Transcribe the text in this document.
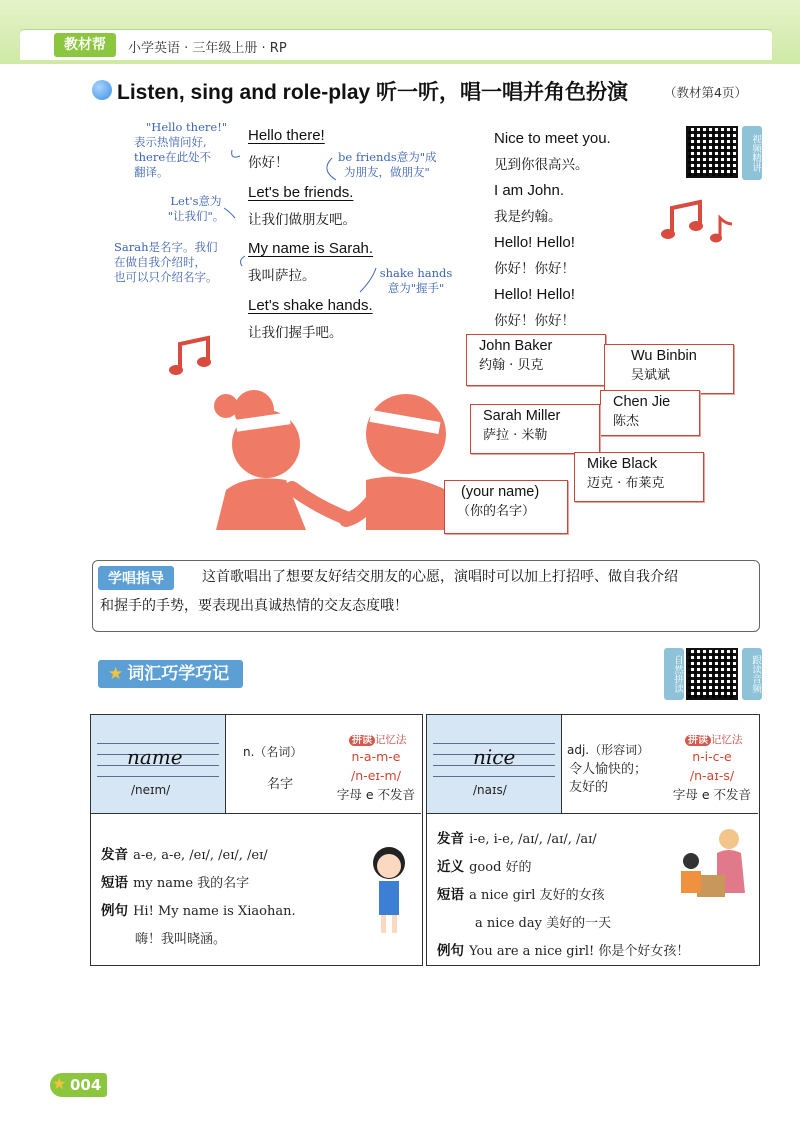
教材帮	小学英语 · 三年级上册 · RP
Listen, sing and role-play 听一听，唱一唱并角色扮演	（教材第4页）
"Hello there!"
表示热情问好,
there在此处不
翻译。
Let's意为
"让我们"。
be friends意为"成
为朋友，做朋友"
Sarah是名字。我们
在做自我介绍时，
也可以只介绍名字。	shake hands
意为"握手"
Hello there!
你好！
Let's be friends.
让我们做朋友吧。
My name is Sarah.
我叫萨拉。
Let's shake hands.
让我们握手吧。
Nice to meet you.
见到你很高兴。
I am John.
我是约翰。
Hello! Hello!
你好！你好！
Hello! Hello!
你好！你好！
视频精讲
自然拼读	跟读音频
John Baker
约翰 · 贝克
Wu Binbin
吴斌斌
Chen Jie
陈杰
Sarah Miller
萨拉 · 米勒
Mike Black
迈克 · 布莱克
(your name)
（你的名字）
学唱指导	这首歌唱出了想要友好结交朋友的心愿，演唱时可以加上打招呼、做自我介绍
和握手的手势，要表现出真诚热情的交友态度哦！
★ 词汇巧学巧记
name
/neɪm/
n.（名词）
名字
拼读 记忆法
n-a-m-e
/n-eɪ-m/
字母 e 不发音
发音 a-e, a-e, /eɪ/, /eɪ/, /eɪ/
短语 my name 我的名字
例句 Hi! My name is Xiaohan.
嗨！我叫晓涵。
nice
/naɪs/
adj.（形容词）
令人愉快的；
友好的
拼读 记忆法
n-i-c-e
/n-aɪ-s/
字母 e 不发音
发音 i-e, i-e, /aɪ/, /aɪ/, /aɪ/
近义 good 好的
短语 a nice girl 友好的女孩
a nice day 美好的一天
例句 You are a nice girl! 你是个好女孩！
004
★	上面认真看
下面练习学
